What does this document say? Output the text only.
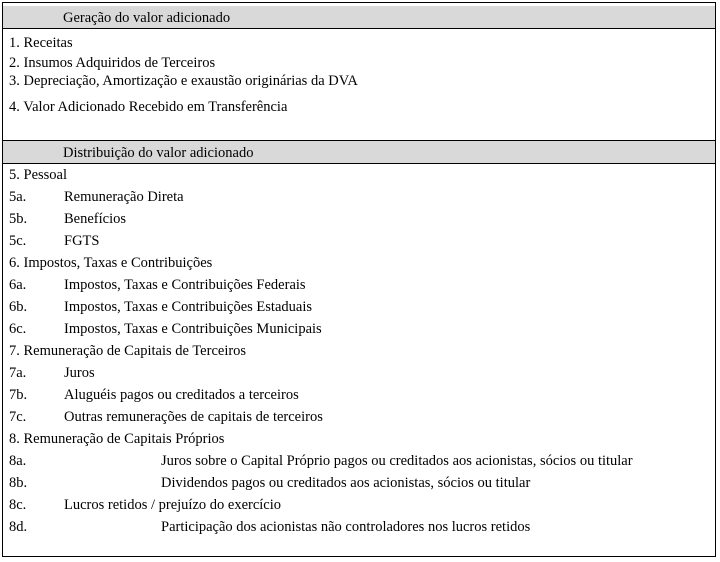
Geração do valor adicionado
1. Receitas
2. Insumos Adquiridos de Terceiros
3. Depreciação, Amortização e exaustão originárias da DVA
4. Valor Adicionado Recebido em Transferência
Distribuição do valor adicionado
5. Pessoal
5a.	Remuneração Direta
5b.	Benefícios
5c.	FGTS
6. Impostos, Taxas e Contribuições
6a.	Impostos, Taxas e Contribuições Federais
6b.	Impostos, Taxas e Contribuições Estaduais
6c.	Impostos, Taxas e Contribuições Municipais
7. Remuneração de Capitais de Terceiros
7a.	Juros
7b.	Aluguéis pagos ou creditados a terceiros
7c.	Outras remunerações de capitais de terceiros
8. Remuneração de Capitais Próprios
8a.	Juros sobre o Capital Próprio pagos ou creditados aos acionistas, sócios ou titular
8b.	Dividendos pagos ou creditados aos acionistas, sócios ou titular
8c.	Lucros retidos / prejuízo do exercício
8d.	Participação dos acionistas não controladores nos lucros retidos
